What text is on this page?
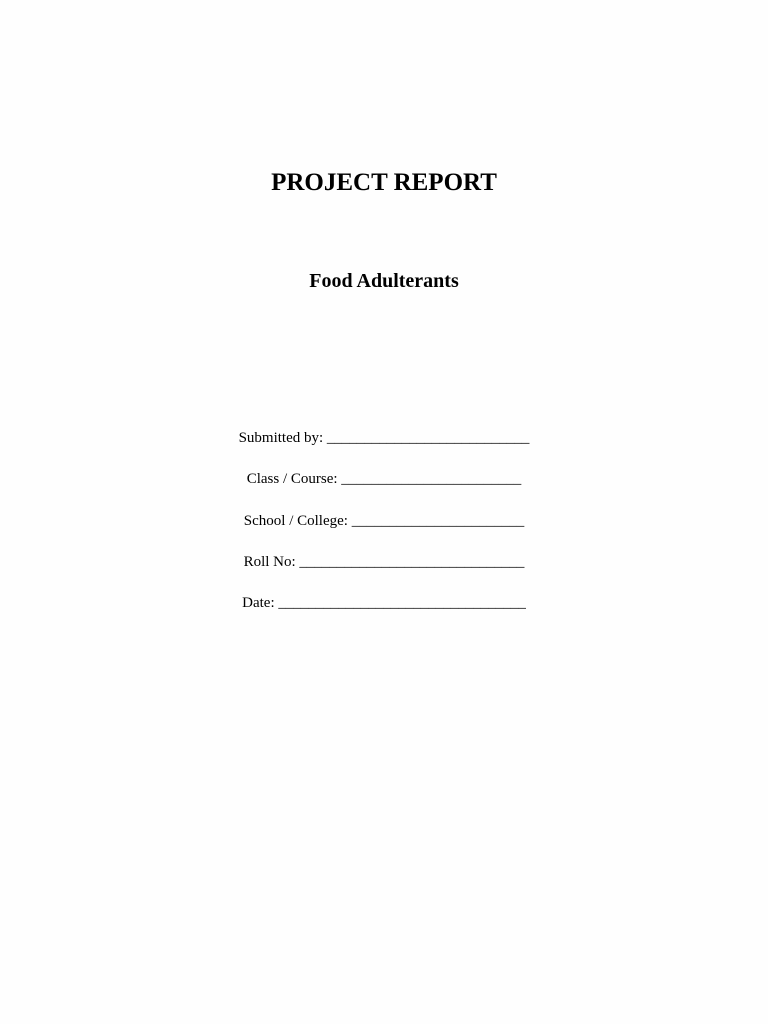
PROJECT REPORT
Food Adulterants
Submitted by: ___________________________
Class / Course: ________________________
School / College: _______________________
Roll No: ______________________________
Date: _________________________________
